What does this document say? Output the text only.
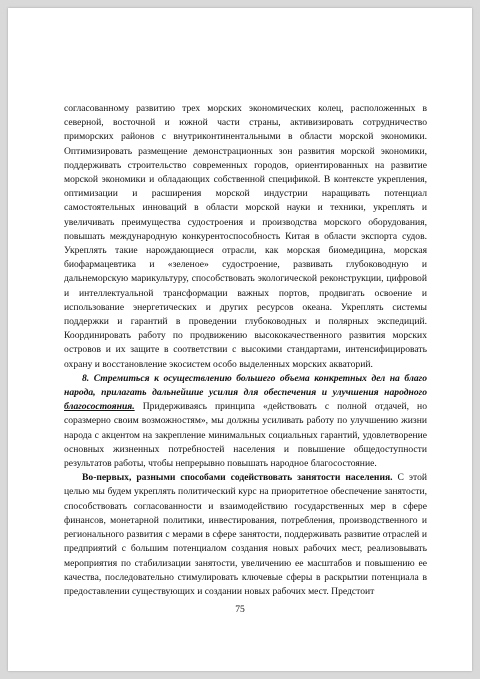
согласованному развитию трех морских экономических колец, расположенных в северной, восточной и южной части страны, активизировать сотрудничество приморских районов с внутриконтинентальными в области морской экономики. Оптимизировать размещение демонстрационных зон развития морской экономики, поддерживать строительство современных городов, ориентированных на развитие морской экономики и обладающих собственной спецификой. В контексте укрепления, оптимизации и расширения морской индустрии наращивать потенциал самостоятельных инноваций в области морской науки и техники, укреплять и увеличивать преимущества судостроения и производства морского оборудования, повышать международную конкурентоспособность Китая в области экспорта судов. Укреплять такие нарождающиеся отрасли, как морская биомедицина, морская биофармацевтика и «зеленое» судостроение, развивать глубоководную и дальнеморскую марикультуру, способствовать экологической реконструкции, цифровой и интеллектуальной трансформации важных портов, продвигать освоение и использование энергетических и других ресурсов океана. Укреплять системы поддержки и гарантий в проведении глубоководных и полярных экспедиций. Координировать работу по продвижению высококачественного развития морских островов и их защите в соответствии с высокими стандартами, интенсифицировать охрану и восстановление экосистем особо выделенных морских акваторий.

8. Стремиться к осуществлению большего объема конкретных дел на благо народа, прилагать дальнейшие усилия для обеспечения и улучшения народного благосостояния. Придерживаясь принципа «действовать с полной отдачей, но соразмерно своим возможностям», мы должны усиливать работу по улучшению жизни народа с акцентом на закрепление минимальных социальных гарантий, удовлетворение основных жизненных потребностей населения и повышение общедоступности результатов работы, чтобы непрерывно повышать народное благосостояние.

Во-первых, разными способами содействовать занятости населения. С этой целью мы будем укреплять политический курс на приоритетное обеспечение занятости, способствовать согласованности и взаимодействию государственных мер в сфере финансов, монетарной политики, инвестирования, потребления, производственного и регионального развития с мерами в сфере занятости, поддерживать развитие отраслей и предприятий с большим потенциалом создания новых рабочих мест, реализовывать мероприятия по стабилизации занятости, увеличению ее масштабов и повышению ее качества, последовательно стимулировать ключевые сферы в раскрытии потенциала в предоставлении существующих и создании новых рабочих мест. Предстоит

75
